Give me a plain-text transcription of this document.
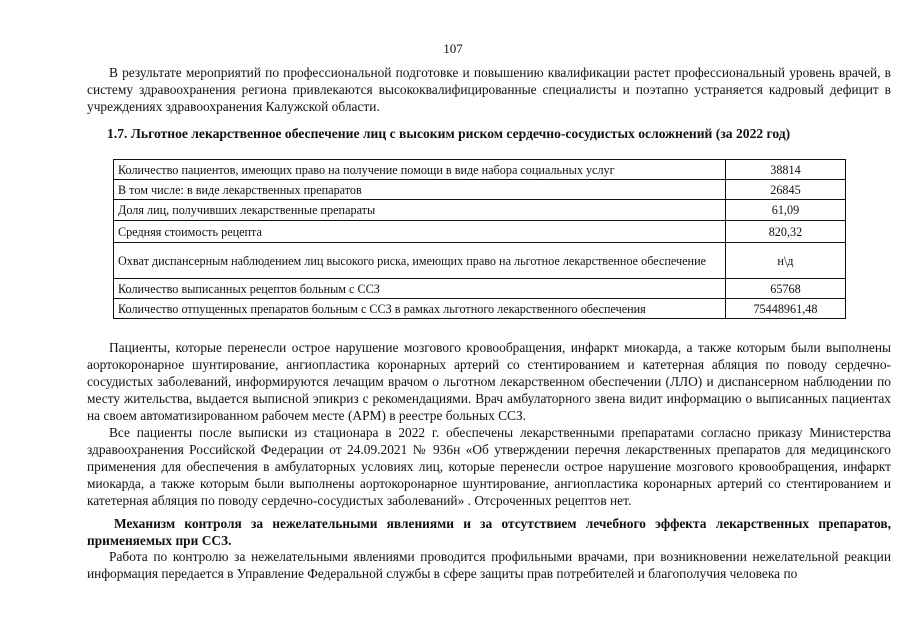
107

В результате мероприятий по профессиональной подготовке и повышению квалификации растет профессиональный уровень врачей, в систему здравоохранения региона привлекаются высококвалифицированные специалисты и поэтапно устраняется кадровый дефицит в учреждениях здравоохранения Калужской области.

1.7. Льготное лекарственное обеспечение лиц с высоким риском сердечно-сосудистых осложнений (за 2022 год)
Количество пациентов, имеющих право на получение помощи в виде набора социальных услуг	38814
В том числе: в виде лекарственных препаратов	26845
Доля лиц, получивших лекарственные препараты	61,09
Средняя стоимость рецепта	820,32
Охват диспансерным наблюдением лиц высокого риска, имеющих право на льготное лекарственное обеспечение	н\д
Количество выписанных рецептов больным с ССЗ	65768
Количество отпущенных препаратов больным с ССЗ в рамках льготного лекарственного обеспечения	75448961,48

Пациенты, которые перенесли острое нарушение мозгового кровообращения, инфаркт миокарда, а также которым были выполнены аортокоронарное шунтирование, ангиопластика коронарных артерий со стентированием и катетерная абляция по поводу сердечно-сосудистых заболеваний, информируются лечащим врачом о льготном лекарственном обеспечении (ЛЛО) и диспансерном наблюдении по месту жительства, выдается выписной эпикриз с рекомендациями. Врач амбулаторного звена видит информацию о выписанных пациентах на своем автоматизированном рабочем месте (АРМ) в реестре больных ССЗ.

Все пациенты после выписки из стационара в 2022 г. обеспечены лекарственными препаратами согласно приказу Министерства здравоохранения Российской Федерации от 24.09.2021 № 936н «Об утверждении перечня лекарственных препаратов для медицинского применения для обеспечения в амбулаторных условиях лиц, которые перенесли острое нарушение мозгового кровообращения, инфаркт миокарда, а также которым были выполнены аортокоронарное шунтирование, ангиопластика коронарных артерий со стентированием и катетерная абляция по поводу сердечно-сосудистых заболеваний» . Отсроченных рецептов нет.

Механизм контроля за нежелательными явлениями и за отсутствием лечебного эффекта лекарственных препаратов, применяемых при ССЗ.

Работа по контролю за нежелательными явлениями проводится профильными врачами, при возникновении нежелательной реакции информация передается в Управление Федеральной службы в сфере защиты прав потребителей и благополучия человека по
